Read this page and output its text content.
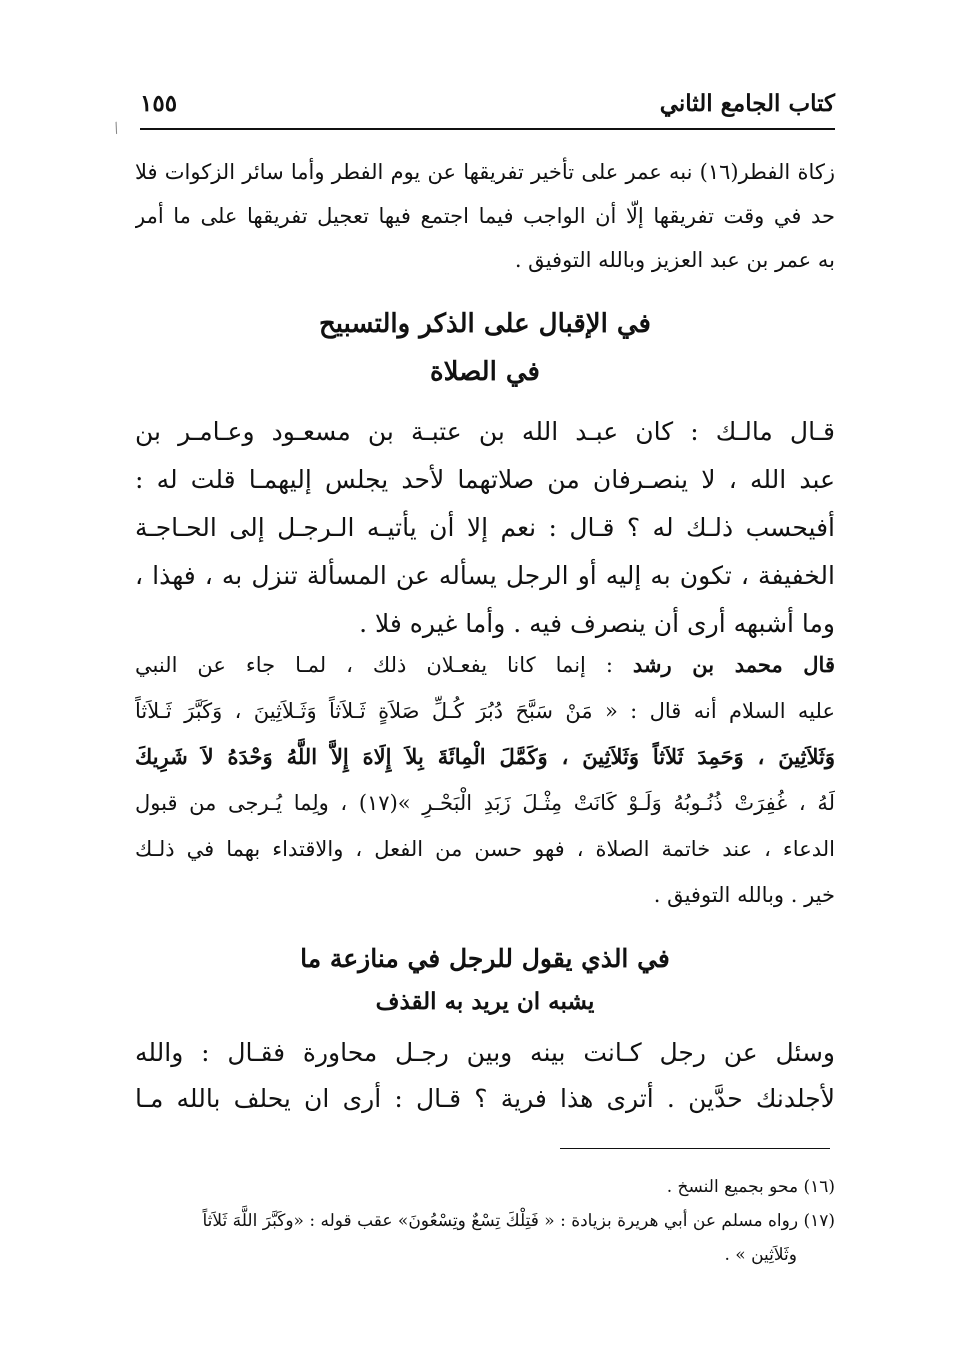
/
كتاب الجامع الثاني
١٥٥
زكاة الفطر(١٦) نبه عمر على تأخير تفريقها عن يوم الفطر وأما سائر الزكوات فلا
حد في وقت تفريقها إلّا أن الواجب فيما اجتمع فيها تعجيل تفريقها على ما أمر
به عمر بن عبد العزيز وبالله التوفيق .
في الإقبال على الذكر والتسبيح
في الصلاة
قـال مالـك : كان عبـد الله بن عتبـة بن مسعـود وعـامـر بن
عبد الله ، لا ينصـرفان من صلاتهما لأحد يجلس إليهمـا قلت له :
أفيحسب ذلـك له ؟ قـال : نعم إلا أن يأتيـه الـرجـل إلى الحـاجـة
الخفيفة ، تكون به إليه أو الرجل يسأله عن المسألة تنزل به ، فهذا ،
وما أشبهه أرى أن ينصرف فيه . وأما غيره فلا .
قال محمد بن رشد : إنما كانا يفعـلان ذلك ، لمـا جاء عن النبي
عليه السلام أنه قال : « مَنْ سَبَّحَ دُبُرَ كُـلِّ صَلاَةٍ ثَـلاَثاً وَثَـلاَثِينَ ، وَكَبَّرَ ثَـلاَثاً
وَثَلاَثِينَ ، وَحَمِدَ ثَلاَثاً وَثَلاَثِينَ ، وَكَمَّلَ الْمِائَةَ بِلاَ إِلَاهَ إِلاَّ اللَّهُ وَحْدَهُ لاَ شَرِيكَ
لَهُ ، غُفِرَتْ ذُنُـوبُهُ وَلَـوْ كَانَتْ مِثْـلَ زَبَدِ الْبَحْـرِ »(١٧) ، ولِما يُـرجى من قبول
الدعاء ، عند خاتمة الصلاة ، فهو حسن من الفعل ، والاقتداء بهما في ذلـك
خير . وبالله التوفيق .
في الذي يقول للرجل في منازعة ما
يشبه ان يريد به القذف
وسئل عن رجل كـانت بينه وبين رجـل محاورة فقـال : والله
لأجلدنك حدَّين . أترى هذا فرية ؟ قـال : أرى ان يحلف بالله مـا
(١٦) محو بجميع النسخ .
(١٧) رواه مسلم عن أبي هريرة بزيادة : « فَتِلْكَ تِسْعٌ وتِسْعُونَ» عقب قوله : «وكَبَّرَ اللَّهَ ثَلاَثاً
وثَلاَثِين » .
